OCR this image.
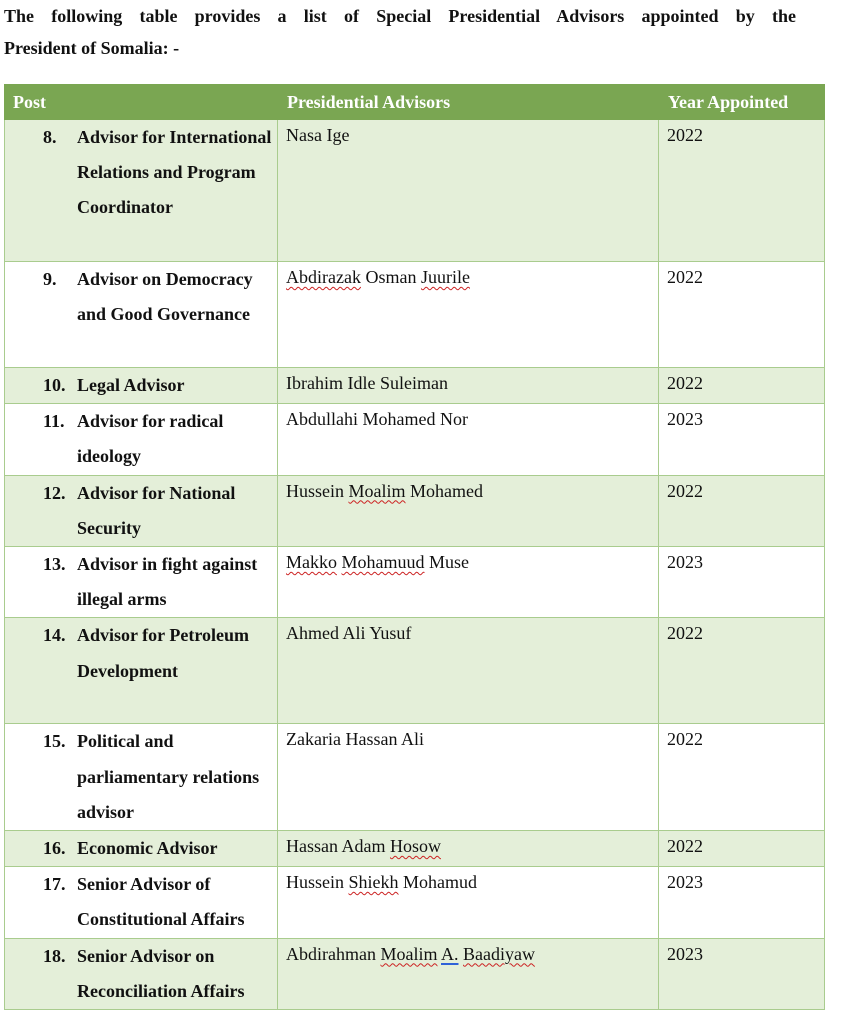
The following table provides a list of Special Presidential Advisors appointed by the
President of Somalia: -

Post	Presidential Advisors	Year Appointed

8. Advisor for International Relations and Program Coordinator	Nasa Ige	2022

9. Advisor on Democracy and Good Governance	Abdirazak Osman Juurile	2022

10. Legal Advisor	Ibrahim Idle Suleiman	2022

11. Advisor for radical ideology	Abdullahi Mohamed Nor	2023

12. Advisor for National Security	Hussein Moalim Mohamed	2022

13. Advisor in fight against illegal arms	Makko Mohamuud Muse	2023

14. Advisor for Petroleum Development	Ahmed Ali Yusuf	2022

15. Political and parliamentary relations advisor	Zakaria Hassan Ali	2022

16. Economic Advisor	Hassan Adam Hosow	2022

17. Senior Advisor of Constitutional Affairs	Hussein Shiekh Mohamud	2023

18. Senior Advisor on Reconciliation Affairs	Abdirahman Moalim A. Baadiyaw	2023
